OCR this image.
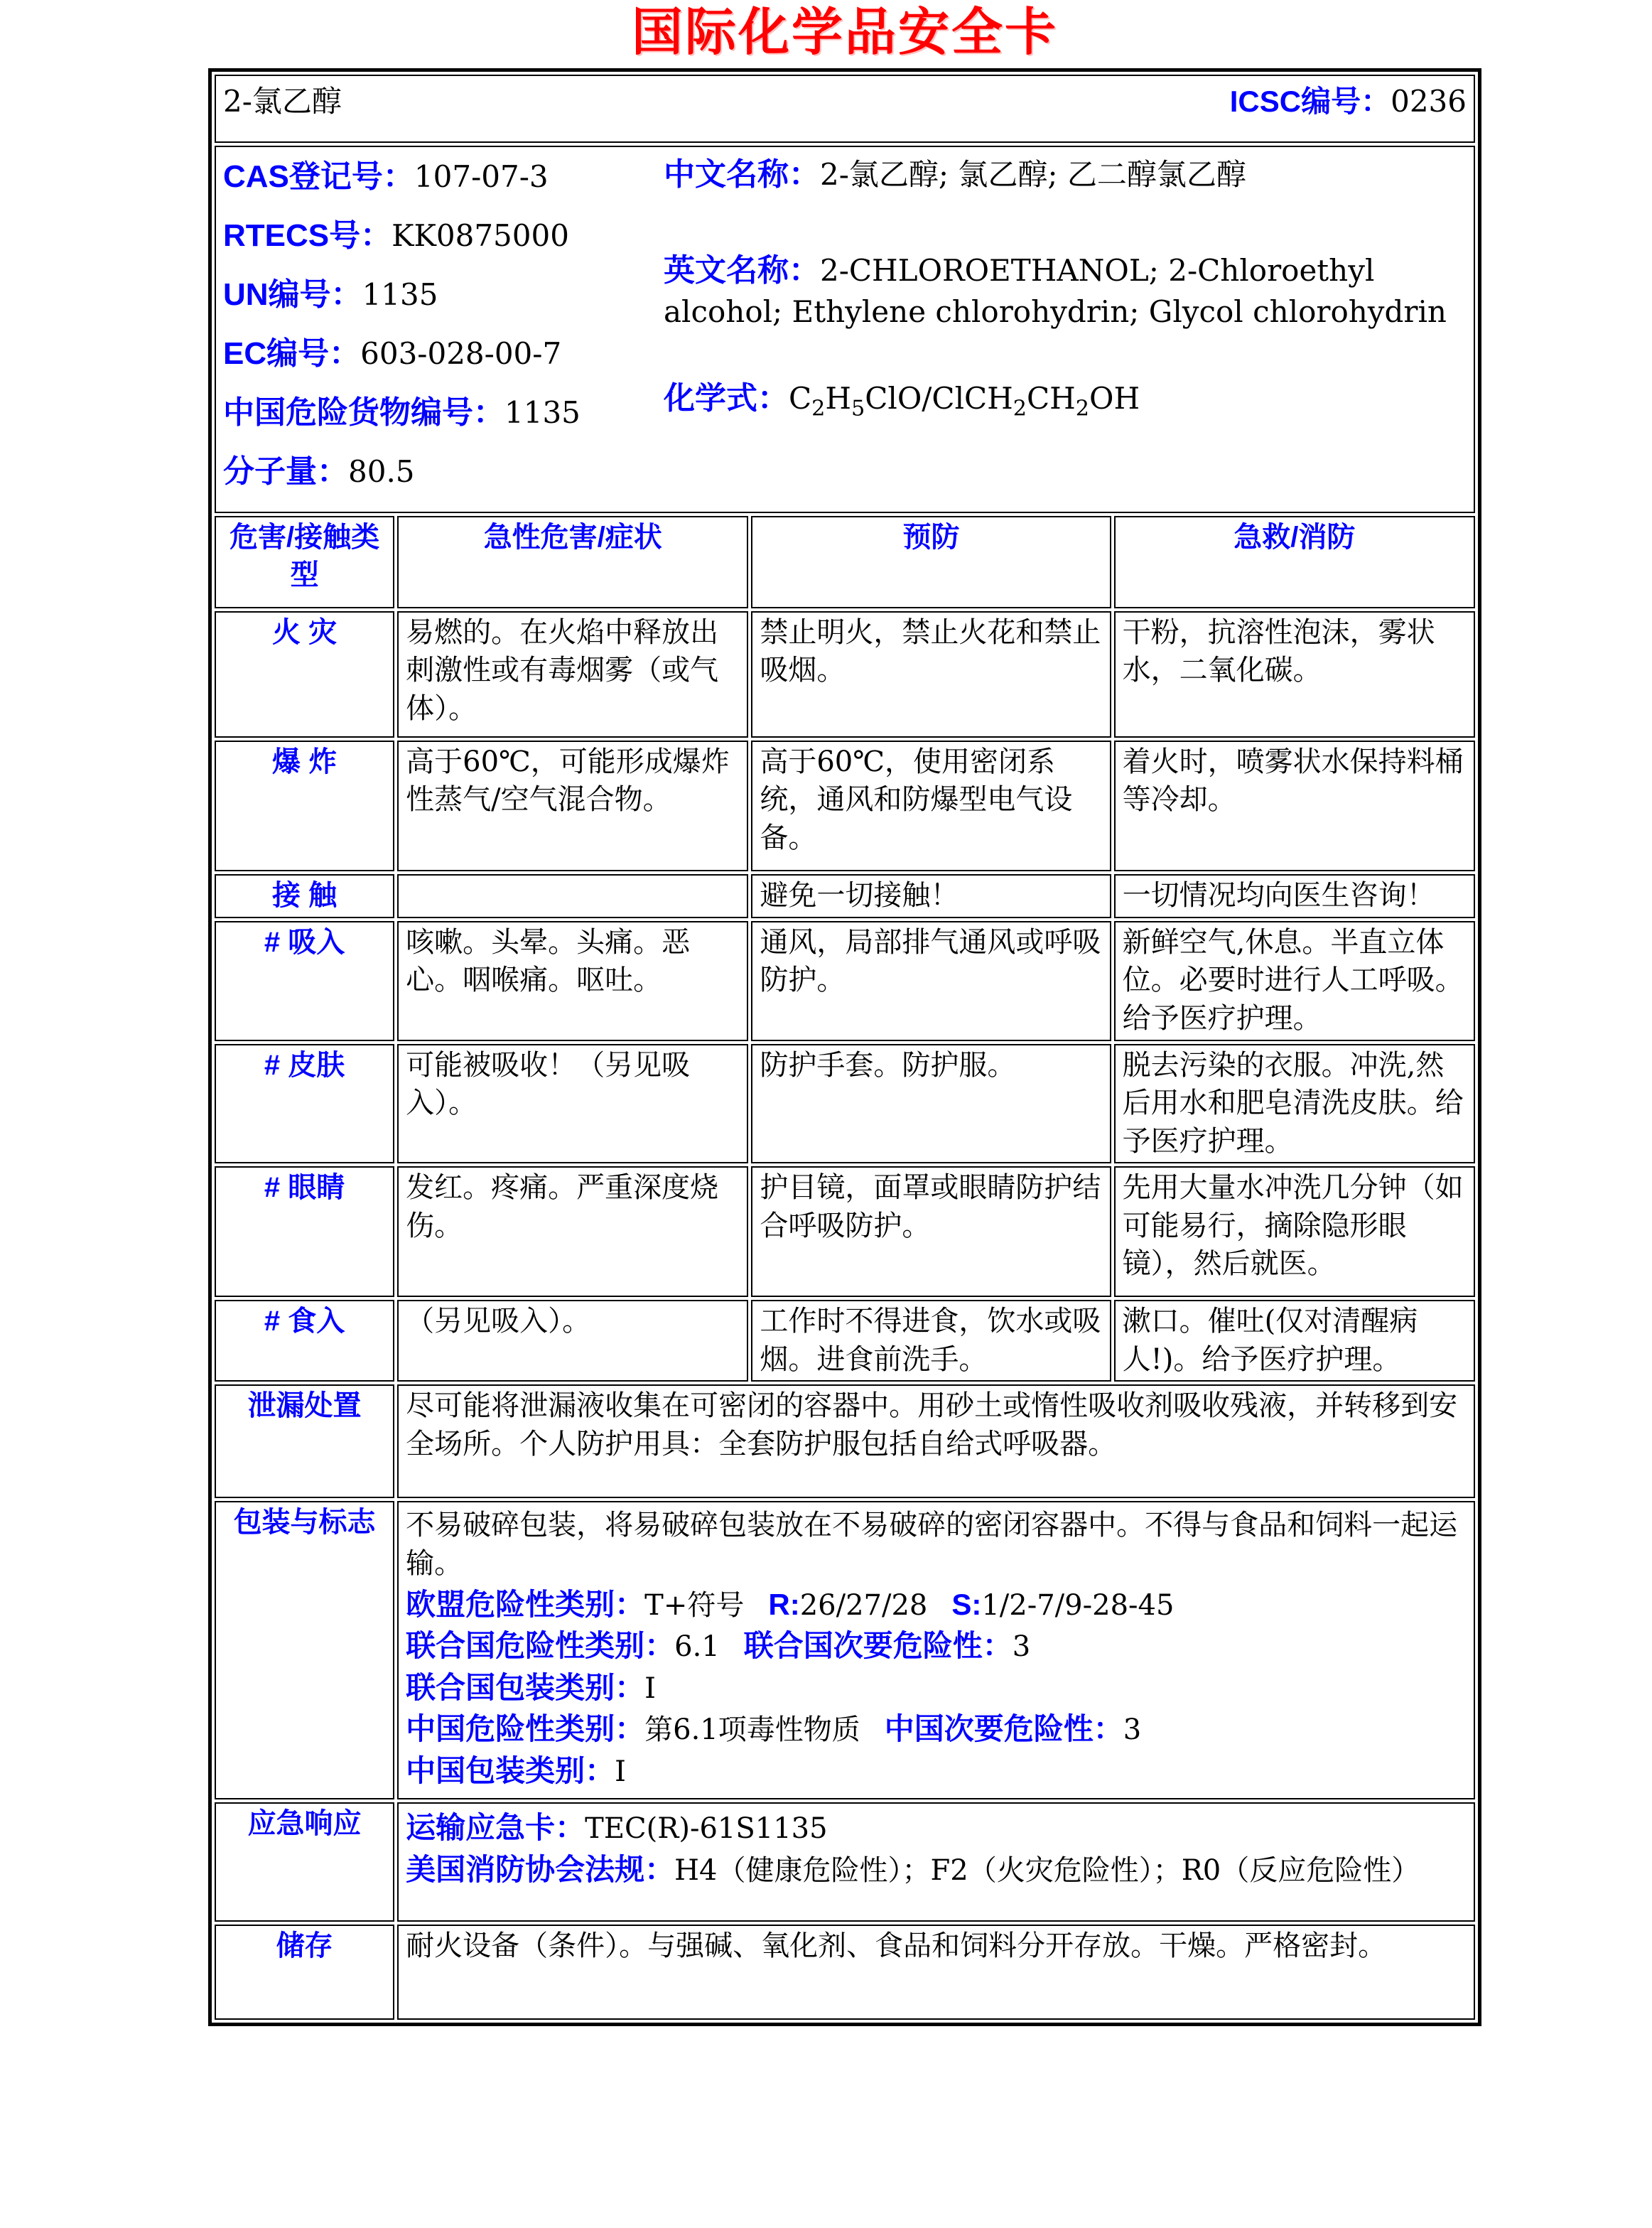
国际化学品安全卡
2-氯乙醇 ICSC编号：0236			

CAS登记号：107-07-3
RTECS号：KK0875000
UN编号：1135
EC编号：603-028-00-7
中国危险货物编号：1135
分子量：80.5
中文名称：2-氯乙醇; 氯乙醇; 乙二醇氯乙醇
英文名称：2-CHLOROETHANOL; 2-Chloroethyl alcohol; Ethylene chlorohydrin; Glycol chlorohydrin
化学式：$C_2H_5ClO/ClCH_2CH_2OH$

危害/接触类型	急性危害/症状	预防	急救/消防
火 灾	易燃的。在火焰中释放出刺激性或有毒烟雾（或气体）。	禁止明火，禁止火花和禁止吸烟。	干粉，抗溶性泡沫，雾状水，二氧化碳。
爆 炸	高于60℃，可能形成爆炸性蒸气/空气混合物。	高于60℃，使用密闭系统，通风和防爆型电气设备。	着火时，喷雾状水保持料桶等冷却。
接 触		避免一切接触！	一切情况均向医生咨询！
# 吸入	咳嗽。头晕。头痛。恶心。咽喉痛。呕吐。	通风，局部排气通风或呼吸防护。	新鲜空气,休息。半直立体位。必要时进行人工呼吸。给予医疗护理。
# 皮肤	可能被吸收！（另见吸入）。	防护手套。防护服。	脱去污染的衣服。冲洗,然后用水和肥皂清洗皮肤。给予医疗护理。
# 眼睛	发红。疼痛。严重深度烧伤。	护目镜，面罩或眼睛防护结合呼吸防护。	先用大量水冲洗几分钟（如可能易行，摘除隐形眼镜），然后就医。
# 食入	（另见吸入）。	工作时不得进食，饮水或吸烟。进食前洗手。	漱口。催吐(仅对清醒病人!)。给予医疗护理。
泄漏处置	尽可能将泄漏液收集在可密闭的容器中。用砂土或惰性吸收剂吸收残液，并转移到安全场所。个人防护用具：全套防护服包括自给式呼吸器。		
包装与标志	不易破碎包装，将易破碎包装放在不易破碎的密闭容器中。不得与食品和饲料一起运输。
欧盟危险性类别：T+符号 R:26/27/28 S:1/2-7/9-28-45
联合国危险性类别：6.1 联合国次要危险性：3
联合国包装类别：I
中国危险性类别：第6.1项毒性物质 中国次要危险性：3
中国包装类别：I

应急响应	运输应急卡：TEC(R)-61S1135
美国消防协会法规：H4（健康危险性）；F2（火灾危险性）；R0（反应危险性）		

储存	耐火设备（条件）。与强碱、氧化剂、食品和饲料分开存放。干燥。严格密封。		
